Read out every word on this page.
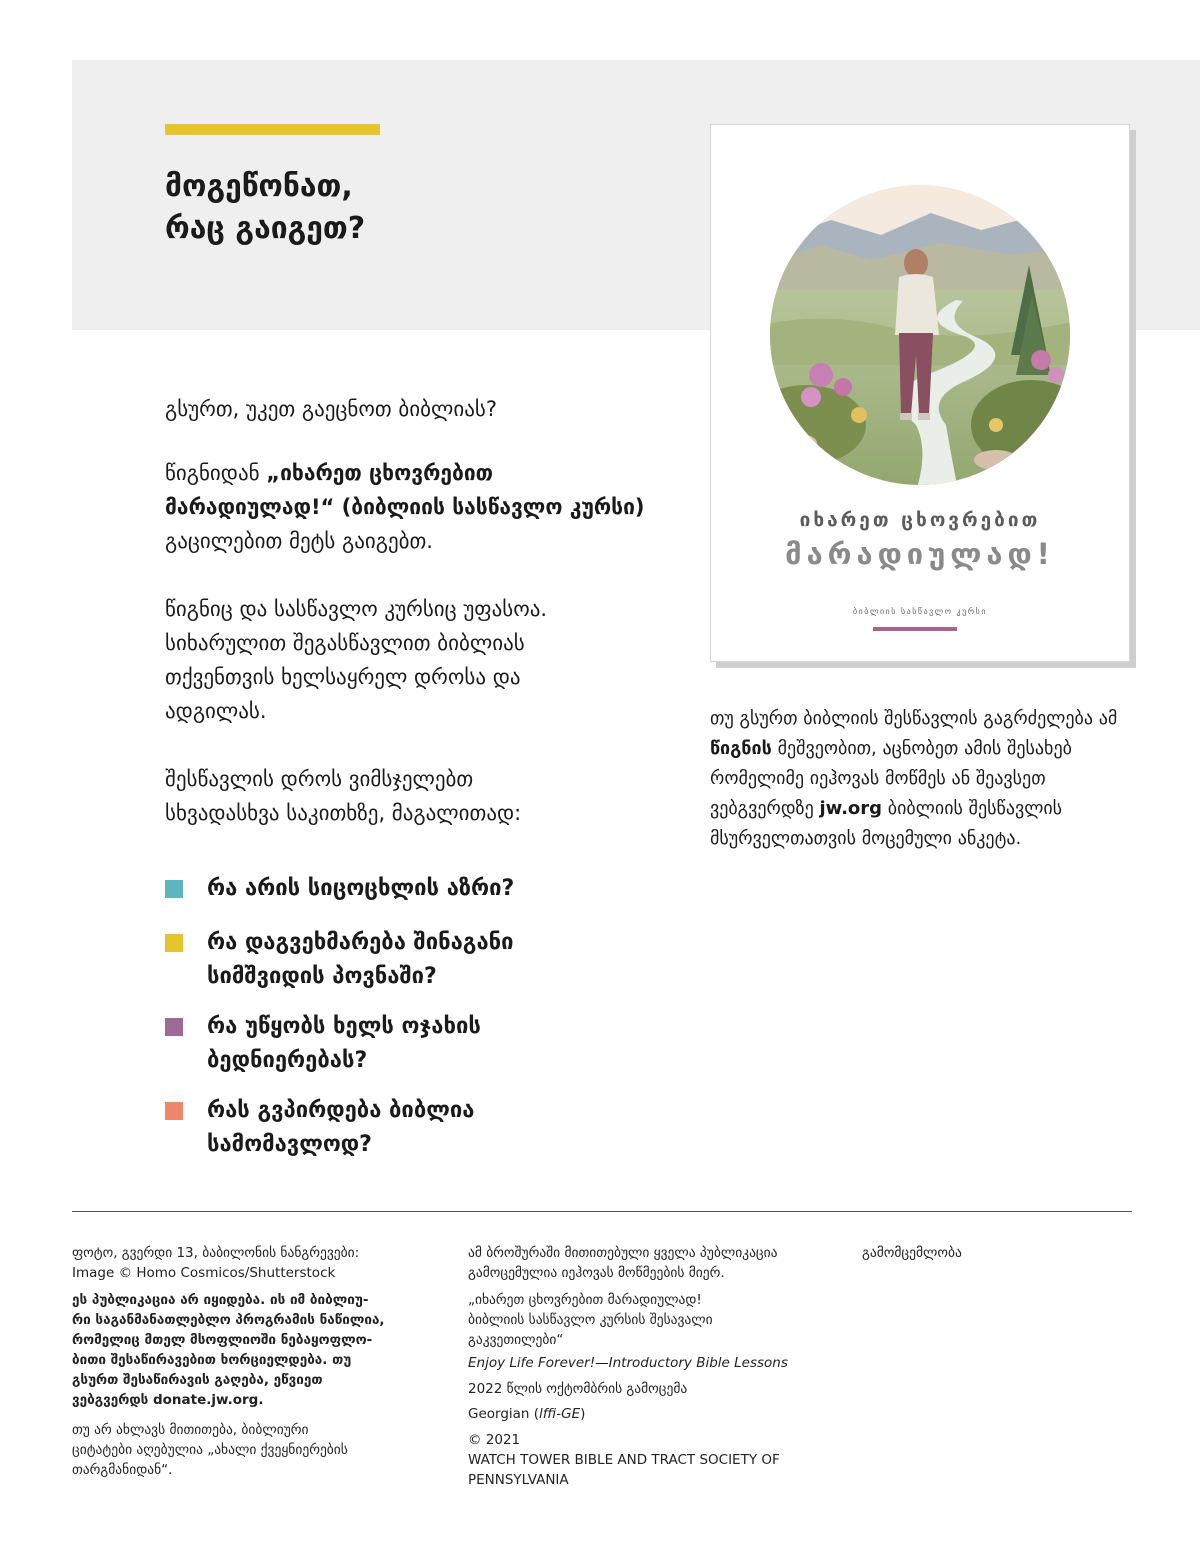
მოგეწონათ,
რაც გაიგეთ?

გსურთ, უკეთ გაეცნოთ ბიბლიას?

წიგნიდან „იხარეთ ცხოვრებით მარადიულად!“ (ბიბლიის სასწავლო კურსი) გაცილებით მეტს გაიგებთ.

წიგნიც და სასწავლო კურსიც უფასოა.
სიხარულით შეგასწავლით ბიბლიას
თქვენთვის ხელსაყრელ დროსა და
ადგილას.

შესწავლის დროს ვიმსჯელებთ
სხვადასხვა საკითხზე, მაგალითად:

რა არის სიცოცხლის აზრი?
რა დაგვეხმარება შინაგანი
სიმშვიდის პოვნაში?
რა უწყობს ხელს ოჯახის
ბედნიერებას?
რას გვპირდება ბიბლია
სამომავლოდ?
იხარეთ ცხოვრებით
მარადიულად!
ბიბლიის სასწავლო კურსი

თუ გსურთ ბიბლიის შესწავლის გაგრძელება ამ წიგნის მეშვეობით, აცნობეთ ამის შესახებ რომელიმე იეჰოვას მოწმეს ან შეავსეთ ვებგვერდზე jw.org ბიბლიის შესწავლის მსურველთათვის მოცემული ანკეტა.

ფოტო, გვერდი 13, ბაბილონის ნანგრევები:
Image © Homo Cosmicos/Shutterstock

ეს პუბლიკაცია არ იყიდება. ის იმ ბიბლიუ-
რი საგანმანათლებლო პროგრამის ნაწილია,
რომელიც მთელ მსოფლიოში ნებაყოფლო-
ბითი შესაწირავებით ხორციელდება. თუ
გსურთ შესაწირავის გაღება, ეწვიეთ
ვებგვერდს donate.jw.org.

თუ არ ახლავს მითითება, ბიბლიური
ციტატები აღებულია „ახალი ქვეყნიერების
თარგმანიდან“.

ამ ბროშურაში მითითებული ყველა პუბლიკაცია
გამოცემულია იეჰოვას მოწმეების მიერ.

„იხარეთ ცხოვრებით მარადიულად!
ბიბლიის სასწავლო კურსის შესავალი
გაკვეთილები“

Enjoy Life Forever!—Introductory Bible Lessons

2022 წლის ოქტომბრის გამოცემა

Georgian (lffi-GE)

© 2021
WATCH TOWER BIBLE AND TRACT SOCIETY OF
PENNSYLVANIA

გამომცემლობა
